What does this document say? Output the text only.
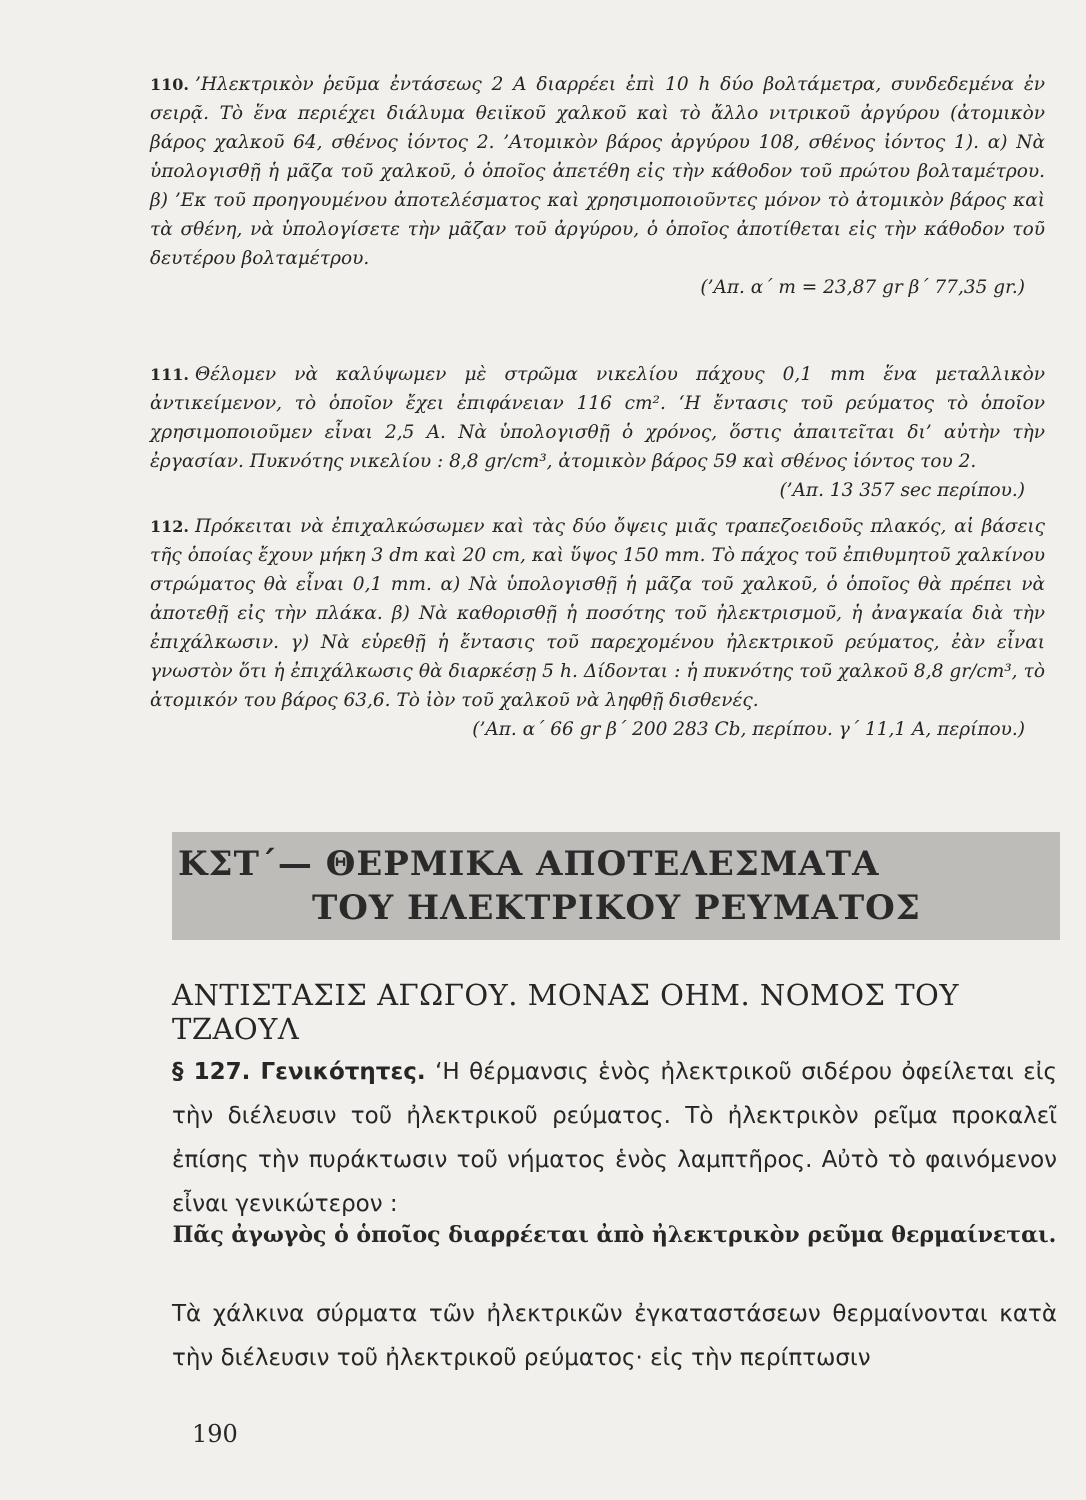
110. ’Ηλεκτρικὸν ῥεῦμα ἐντάσεως 2 A διαρρέει ἐπὶ 10 h δύο βολτάμετρα, συνδεδεμένα ἐν σειρᾷ. Τὸ ἕνα περιέχει διάλυμα θειϊκοῦ χαλκοῦ καὶ τὸ ἄλλο νιτρικοῦ ἀργύρου (ἀτομικὸν βάρος χαλκοῦ 64, σθένος ἰόντος 2. ’Ατομικὸν βάρος ἀργύρου 108, σθένος ἰόντος 1). α) Νὰ ὑπολογισθῇ ἡ μᾶζα τοῦ χαλκοῦ, ὁ ὁποῖος ἀπετέθη εἰς τὴν κάθοδον τοῦ πρώτου βολταμέτρου. β) ’Εκ τοῦ προηγουμένου ἀποτελέσματος καὶ χρησιμοποιοῦντες μόνον τὸ ἀτομικὸν βάρος καὶ τὰ σθένη, νὰ ὑπολογίσετε τὴν μᾶζαν τοῦ ἀργύρου, ὁ ὁποῖος ἀποτίθεται εἰς τὴν κάθοδον τοῦ δευτέρου βολταμέτρου.
(’Απ. α΄ m = 23,87 gr β΄ 77,35 gr.)
111. Θέλομεν νὰ καλύψωμεν μὲ στρῶμα νικελίου πάχους 0,1 mm ἕνα μεταλλικὸν ἀντικείμενον, τὸ ὁποῖον ἔχει ἐπιφάνειαν 116 cm². ‘Η ἔντασις τοῦ ρεύματος τὸ ὁποῖον χρησιμοποιοῦμεν εἶναι 2,5 A. Νὰ ὑπολογισθῇ ὁ χρόνος, ὅστις ἀπαιτεῖται δι’ αὐτὴν τὴν ἐργασίαν. Πυκνότης νικελίου : 8,8 gr/cm³, ἀτομικὸν βάρος 59 καὶ σθένος ἰόντος του 2.
(’Απ. 13 357 sec περίπου.)
112. Πρόκειται νὰ ἐπιχαλκώσωμεν καὶ τὰς δύο ὄψεις μιᾶς τραπεζοειδοῦς πλακός, αἱ βάσεις τῆς ὁποίας ἔχουν μήκη 3 dm καὶ 20 cm, καὶ ὕψος 150 mm. Τὸ πάχος τοῦ ἐπιθυμητοῦ χαλκίνου στρώματος θὰ εἶναι 0,1 mm. α) Νὰ ὑπολογισθῇ ἡ μᾶζα τοῦ χαλκοῦ, ὁ ὁποῖος θὰ πρέπει νὰ ἀποτεθῇ εἰς τὴν πλάκα. β) Νὰ καθορισθῇ ἡ ποσότης τοῦ ἠλεκτρισμοῦ, ἡ ἀναγκαία διὰ τὴν ἐπιχάλκωσιν. γ) Νὰ εὑρεθῇ ἡ ἔντασις τοῦ παρεχομένου ἠλεκτρικοῦ ρεύματος, ἐὰν εἶναι γνωστὸν ὅτι ἡ ἐπιχάλκωσις θὰ διαρκέσῃ 5 h. Δίδονται : ἡ πυκνότης τοῦ χαλκοῦ 8,8 gr/cm³, τὸ ἀτομικόν του βάρος 63,6. Τὸ ἰὸν τοῦ χαλκοῦ νὰ ληφθῇ δισθενές.
(’Απ. α΄ 66 gr β΄ 200 283 Cb, περίπου. γ΄ 11,1 A, περίπου.)
ΚΣΤ΄— ΘΕΡΜΙΚΑ ΑΠΟΤΕΛΕΣΜΑΤΑ
ΤΟΥ ΗΛΕΚΤΡΙΚΟΥ ΡΕΥΜΑΤΟΣ
ΑΝΤΙΣΤΑΣΙΣ ΑΓΩΓΟΥ. ΜΟΝΑΣ ΟΗΜ. ΝΟΜΟΣ ΤΟΥ ΤΖΑΟΥΛ
§ 127. Γενικότητες. ‘Η θέρμανσις ἑνὸς ἠλεκτρικοῦ σιδέρου ὀφείλεται εἰς τὴν διέλευσιν τοῦ ἠλεκτρικοῦ ρεύματος. Τὸ ἠλεκτρικὸν ρεῖμα προκαλεῖ ἐπίσης τὴν πυράκτωσιν τοῦ νήματος ἑνὸς λαμπτῆρος. Αὐτὸ τὸ φαινόμενον εἶναι γενικώτερον :
Πᾶς ἀγωγὸς ὁ ὁποῖος διαρρέεται ἀπὸ ἠλεκτρικὸν ρεῦμα θερμαίνεται.
Τὰ χάλκινα σύρματα τῶν ἠλεκτρικῶν ἐγκαταστάσεων θερμαίνονται κατὰ τὴν διέλευσιν τοῦ ἠλεκτρικοῦ ρεύματος· εἰς τὴν περίπτωσιν
190
